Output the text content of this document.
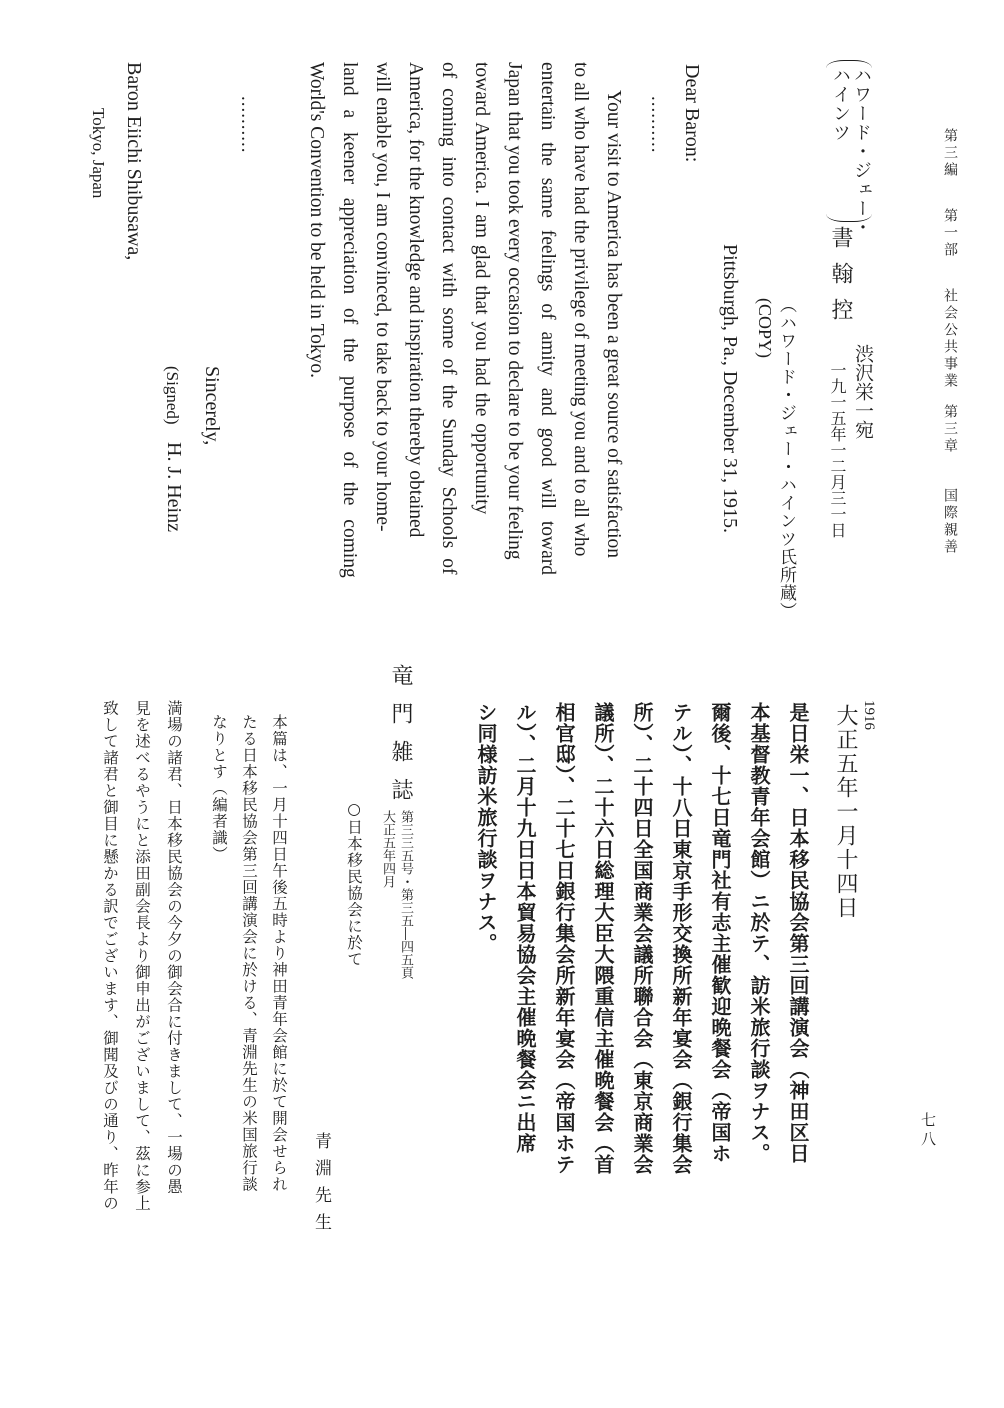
第三編
第一部
社会公共事業
第三章
国際親善
七八
ハワード・ジェー・
ハインツ
書翰控
渋沢栄一宛
一九一五年一二月三一日
（ハワード・ジェー・ハインツ氏所蔵）
(COPY)
Pittsburgh, Pa., December 31, 1915.
Dear Baron:
..........
Your visit to America has been a great source of satisfaction
to all who have had the privilege of meeting you and to all who
entertain the same feelings of amity and good will toward
Japan that you took every occasion to declare to be your feeling
toward America. I am glad that you had the opportunity
of coming into contact with some of the Sunday Schools of
America, for the knowledge and inspiration thereby obtained
will enable you, I am convinced, to take back to your home-
land a keener appreciation of the purpose of the coming
World's Convention to be held in Tokyo.
..........
Sincerely,
(Signed)
H. J. Heinz
Baron Eiichi Shibusawa,
Tokyo, Japan
1916
大正五年一月十四日
是日栄一、日本移民協会第三回講演会（神田区日
本基督教青年会館）ニ於テ、訪米旅行談ヲナス。
爾後、十七日竜門社有志主催歓迎晩餐会（帝国ホ
テル）、十八日東京手形交換所新年宴会（銀行集会
所）、二十四日全国商業会議所聯合会（東京商業会
議所）、二十六日総理大臣大隈重信主催晩餐会（首
相官邸）、二十七日銀行集会所新年宴会（帝国ホテ
ル）、二月十九日日本貿易協会主催晩餐会ニ出席
シ同様訪米旅行談ヲナス。
竜門雑誌
第三三五号・第三五―四五頁
大正五年四月
○日本移民協会に於て
青淵先生
本篇は、一月十四日午後五時より神田青年会館に於て開会せられ
たる日本移民協会第三回講演会に於ける、青淵先生の米国旅行談
なりとす（編者識）
満場の諸君、日本移民協会の今夕の御会合に付きまして、一場の愚
見を述べるやうにと添田副会長より御申出がございまして、茲に参上
致して諸君と御目に懸かる訳でございます、御聞及びの通り、昨年の
